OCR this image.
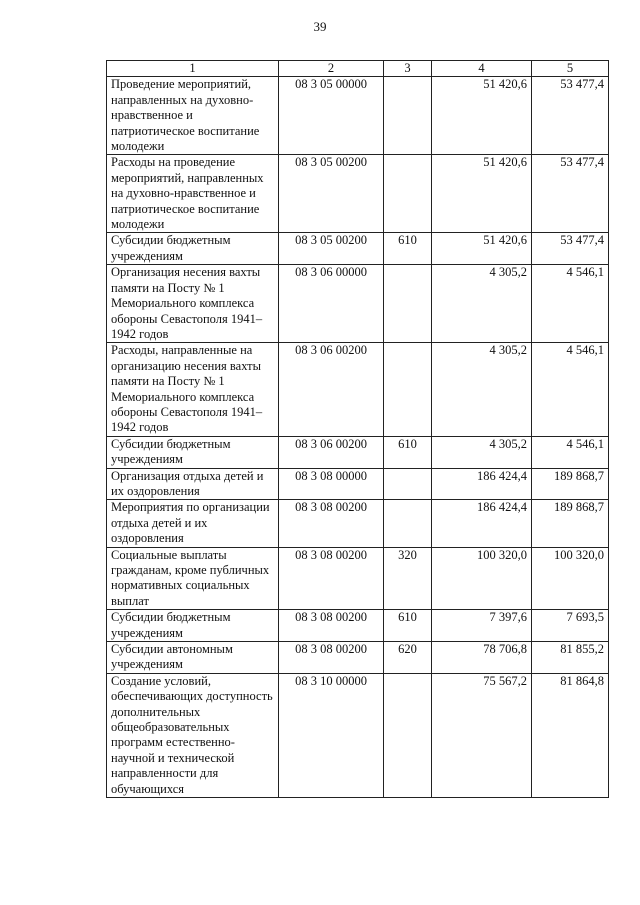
39
1	2	3	4	5
Проведение мероприятий, направленных на духовно-нравственное и патриотическое воспитание молодежи	08 3 05 00000		51 420,6	53 477,4
Расходы на проведение мероприятий, направленных на духовно-нравственное и патриотическое воспитание молодежи	08 3 05 00200		51 420,6	53 477,4
Субсидии бюджетным учреждениям	08 3 05 00200	610	51 420,6	53 477,4
Организация несения вахты памяти на Посту № 1 Мемориального комплекса обороны Севастополя 1941–1942 годов	08 3 06 00000		4 305,2	4 546,1
Расходы, направленные на организацию несения вахты памяти на Посту № 1 Мемориального комплекса обороны Севастополя 1941–1942 годов	08 3 06 00200		4 305,2	4 546,1
Субсидии бюджетным учреждениям	08 3 06 00200	610	4 305,2	4 546,1
Организация отдыха детей и их оздоровления	08 3 08 00000		186 424,4	189 868,7
Мероприятия по организации отдыха детей и их оздоровления	08 3 08 00200		186 424,4	189 868,7
Социальные выплаты гражданам, кроме публичных нормативных социальных выплат	08 3 08 00200	320	100 320,0	100 320,0
Субсидии бюджетным учреждениям	08 3 08 00200	610	7 397,6	7 693,5
Субсидии автономным учреждениям	08 3 08 00200	620	78 706,8	81 855,2
Создание условий, обеспечивающих доступность дополнительных общеобразовательных программ естественно-научной и технической направленности для обучающихся	08 3 10 00000		75 567,2	81 864,8
